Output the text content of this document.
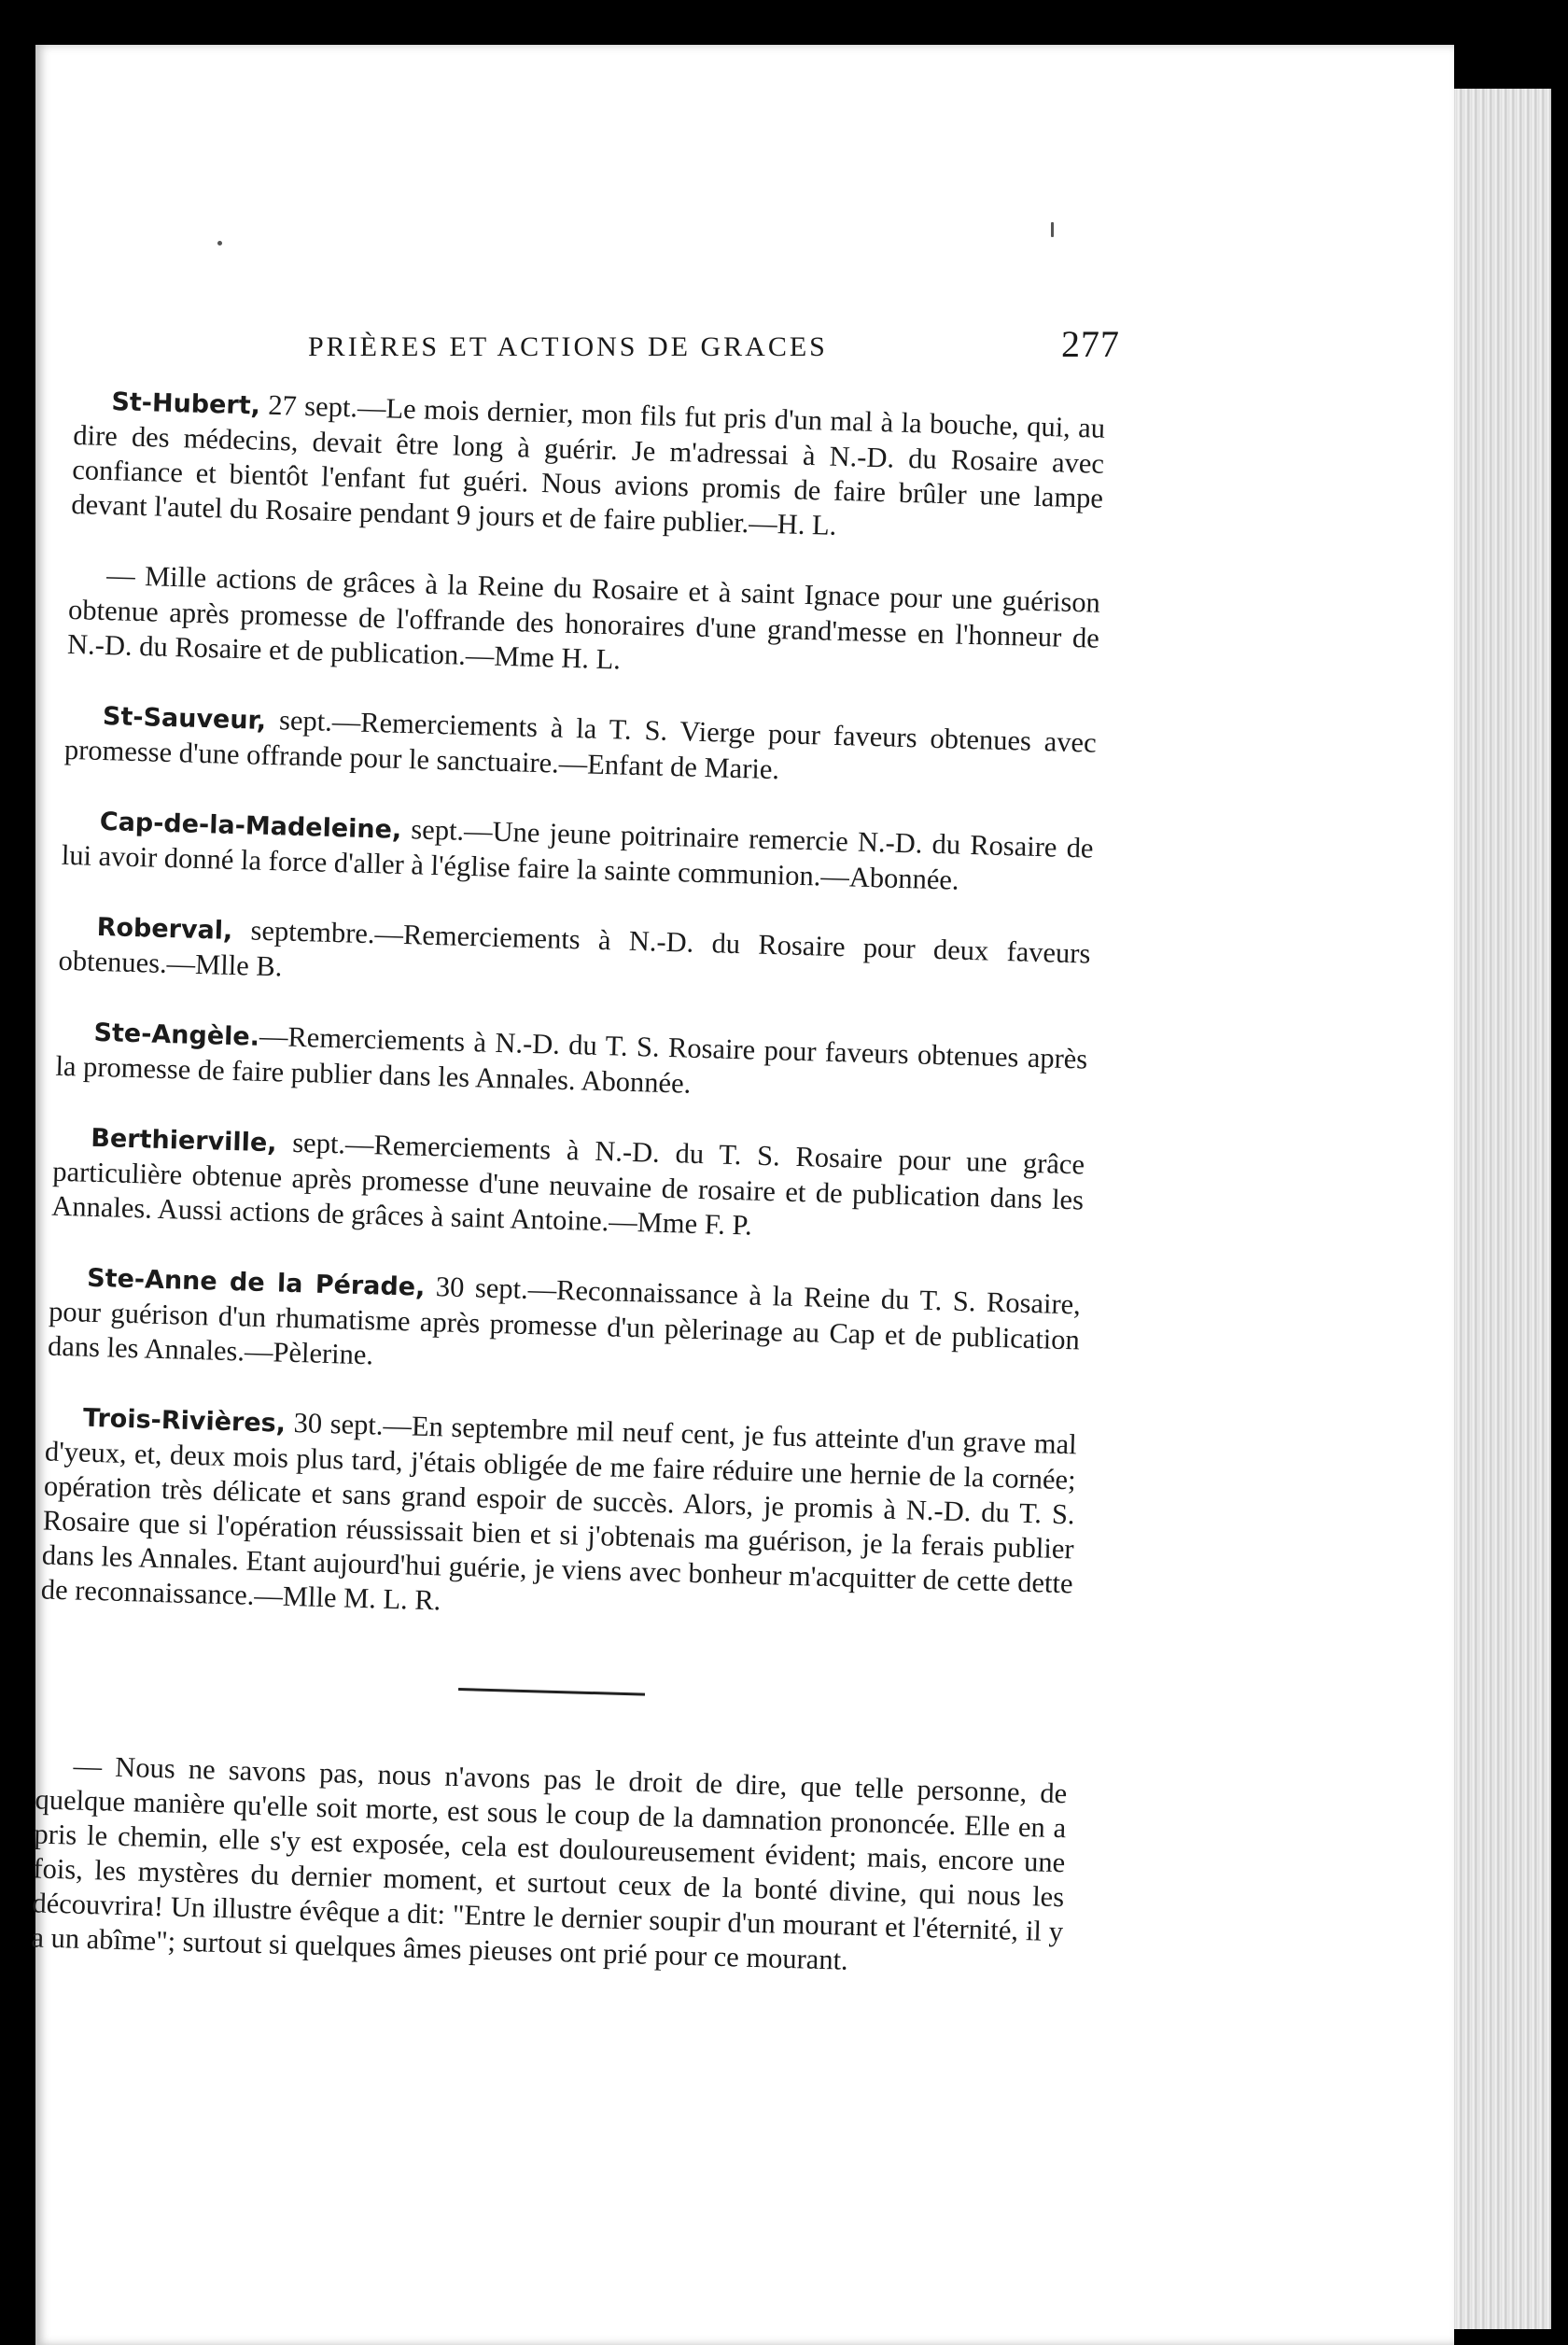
PRIÈRES ET ACTIONS DE GRACES	277

St-Hubert, 27 sept.—Le mois dernier, mon fils fut pris d'un mal à la bouche, qui, au dire des médecins, devait être long à guérir. Je m'adressai à N.-D. du Rosaire avec confiance et bientôt l'enfant fut guéri. Nous avions promis de faire brûler une lampe devant l'autel du Rosaire pendant 9 jours et de faire publier.—H. L.

— Mille actions de grâces à la Reine du Rosaire et à saint Ignace pour une guérison obtenue après promesse de l'offrande des honoraires d'une grand'messe en l'honneur de N.-D. du Rosaire et de publication.—Mme H. L.

St-Sauveur, sept.—Remerciements à la T. S. Vierge pour faveurs obtenues avec promesse d'une offrande pour le sanctuaire.—Enfant de Marie.

Cap-de-la-Madeleine, sept.—Une jeune poitrinaire remercie N.-D. du Rosaire de lui avoir donné la force d'aller à l'église faire la sainte communion.—Abonnée.

Roberval, septembre.—Remerciements à N.-D. du Rosaire pour deux faveurs obtenues.—Mlle B.

Ste-Angèle.—Remerciements à N.-D. du T. S. Rosaire pour faveurs obtenues après la promesse de faire publier dans les Annales. Abonnée.

Berthierville, sept.—Remerciements à N.-D. du T. S. Rosaire pour une grâce particulière obtenue après promesse d'une neuvaine de rosaire et de publication dans les Annales. Aussi actions de grâces à saint Antoine.—Mme F. P.

Ste-Anne de la Pérade, 30 sept.—Reconnaissance à la Reine du T. S. Rosaire, pour guérison d'un rhumatisme après promesse d'un pèlerinage au Cap et de publication dans les Annales.—Pèlerine.

Trois-Rivières, 30 sept.—En septembre mil neuf cent, je fus atteinte d'un grave mal d'yeux, et, deux mois plus tard, j'étais obligée de me faire réduire une hernie de la cornée; opération très délicate et sans grand espoir de succès. Alors, je promis à N.-D. du T. S. Rosaire que si l'opération réussissait bien et si j'obtenais ma guérison, je la ferais publier dans les Annales. Etant aujourd'hui guérie, je viens avec bonheur m'acquitter de cette dette de reconnaissance.—Mlle M. L. R.

— Nous ne savons pas, nous n'avons pas le droit de dire, que telle personne, de quelque manière qu'elle soit morte, est sous le coup de la damnation prononcée. Elle en a pris le chemin, elle s'y est exposée, cela est douloureusement évident; mais, encore une fois, les mystères du dernier moment, et surtout ceux de la bonté divine, qui nous les découvrira! Un illustre évêque a dit: "Entre le dernier soupir d'un mourant et l'éternité, il y a un abîme"; surtout si quelques âmes pieuses ont prié pour ce mourant.
